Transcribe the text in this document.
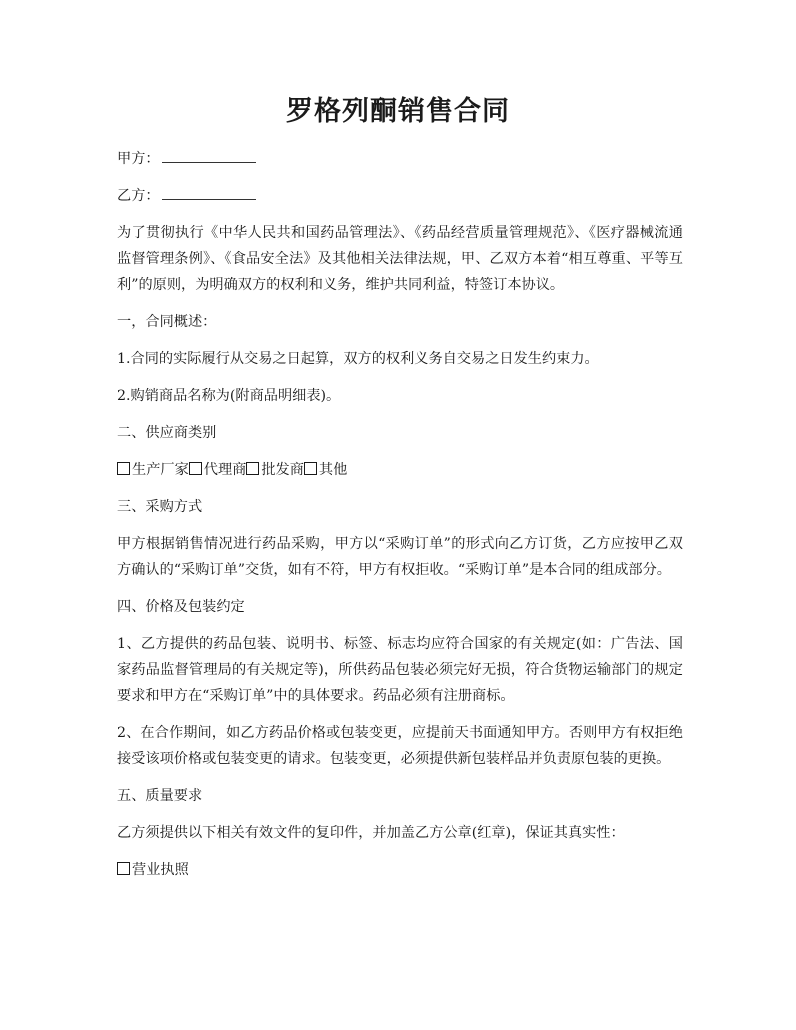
罗格列酮销售合同

甲方：

乙方：

为了贯彻执行《中华人民共和国药品管理法》、《药品经营质量管理规范》、《医疗器械流通监督管理条例》、《食品安全法》及其他相关法律法规，甲、乙双方本着“相互尊重、平等互利”的原则，为明确双方的权利和义务，维护共同利益，特签订本协议。

一，合同概述：

1.合同的实际履行从交易之日起算，双方的权利义务自交易之日发生约束力。

2.购销商品名称为(附商品明细表)。

二、供应商类别

生产厂家 代理商 批发商 其他

三、采购方式

甲方根据销售情况进行药品采购，甲方以“采购订单”的形式向乙方订货，乙方应按甲乙双方确认的“采购订单”交货，如有不符，甲方有权拒收。“采购订单”是本合同的组成部分。

四、价格及包装约定

1、乙方提供的药品包装、说明书、标签、标志均应符合国家的有关规定(如：广告法、国家药品监督管理局的有关规定等)，所供药品包装必须完好无损，符合货物运输部门的规定要求和甲方在“采购订单”中的具体要求。药品必须有注册商标。

2、在合作期间，如乙方药品价格或包装变更，应提前天书面通知甲方。否则甲方有权拒绝接受该项价格或包装变更的请求。包装变更，必须提供新包装样品并负责原包装的更换。

五、质量要求

乙方须提供以下相关有效文件的复印件，并加盖乙方公章(红章)，保证其真实性：

营业执照
